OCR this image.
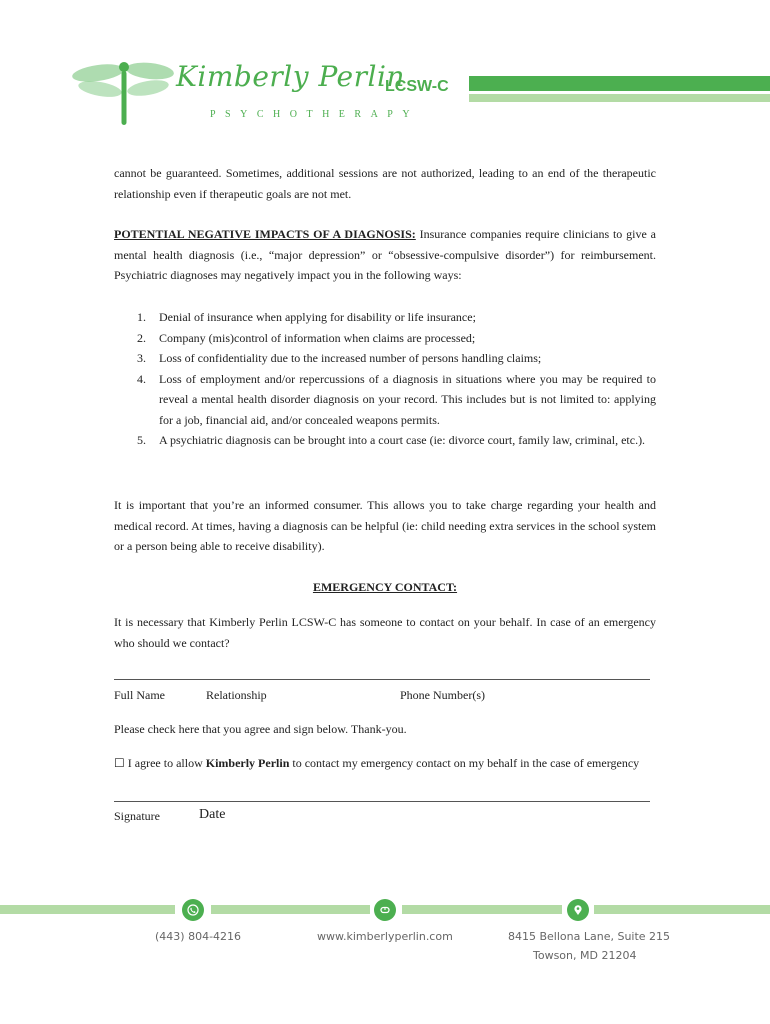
Kimberly Perlin
LCSW-C
PSYCHOTHERAPY

cannot be guaranteed. Sometimes, additional sessions are not authorized, leading to an end of the therapeutic relationship even if therapeutic goals are not met.

POTENTIAL NEGATIVE IMPACTS OF A DIAGNOSIS: Insurance companies require clinicians to give a mental health diagnosis (i.e., “major depression” or “obsessive-compulsive disorder”) for reimbursement. Psychiatric diagnoses may negatively impact you in the following ways:

1. Denial of insurance when applying for disability or life insurance;
2. Company (mis)control of information when claims are processed;
3. Loss of confidentiality due to the increased number of persons handling claims;
4. Loss of employment and/or repercussions of a diagnosis in situations where you may be required to reveal a mental health disorder diagnosis on your record. This includes but is not limited to: applying for a job, financial aid, and/or concealed weapons permits.
5. A psychiatric diagnosis can be brought into a court case (ie: divorce court, family law, criminal, etc.).

It is important that you’re an informed consumer. This allows you to take charge regarding your health and medical record. At times, having a diagnosis can be helpful (ie: child needing extra services in the school system or a person being able to receive disability).

EMERGENCY CONTACT:

It is necessary that Kimberly Perlin LCSW-C has someone to contact on your behalf. In case of an emergency who should we contact?

Full Name	Relationship	Phone Number(s)
Please check here that you agree and sign below. Thank-you.
☐ I agree to allow Kimberly Perlin to contact my emergency contact on my behalf in the case of emergency
Signature	Date
(443) 804-4216	www.kimberlyperlin.com	8415 Bellona Lane, Suite 215
Towson, MD 21204
